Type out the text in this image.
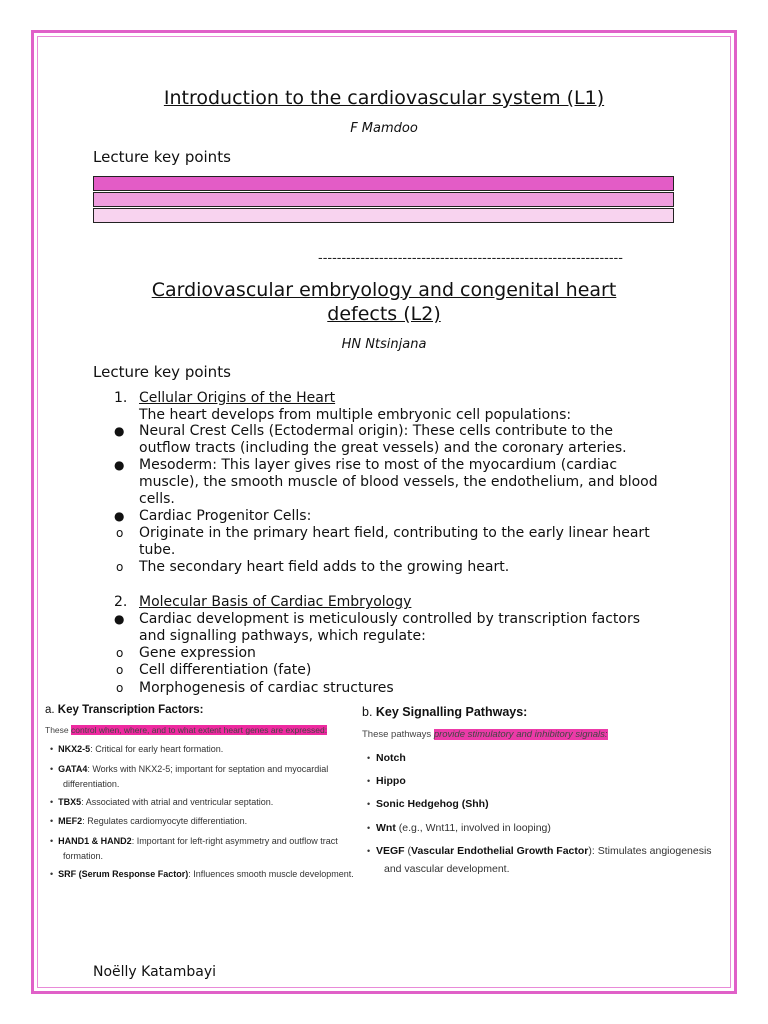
Introduction to the cardiovascular system (L1)
F Mamdoo
Lecture key points
-----------------------------------------------------------------
Cardiovascular embryology and congenital heart
defects (L2)
HN Ntsinjana
Lecture key points
1. Cellular Origins of the Heart
The heart develops from multiple embryonic cell populations:
● Neural Crest Cells (Ectodermal origin): These cells contribute to the
outflow tracts (including the great vessels) and the coronary arteries.
● Mesoderm: This layer gives rise to most of the myocardium (cardiac
muscle), the smooth muscle of blood vessels, the endothelium, and blood
cells.
● Cardiac Progenitor Cells:
o Originate in the primary heart field, contributing to the early linear heart
tube.
o The secondary heart field adds to the growing heart.
2. Molecular Basis of Cardiac Embryology
● Cardiac development is meticulously controlled by transcription factors
and signalling pathways, which regulate:
o Gene expression
o Cell differentiation (fate)
o Morphogenesis of cardiac structures
a. Key Transcription Factors:
These control when, where, and to what extent heart genes are expressed:
• NKX2-5: Critical for early heart formation.
• GATA4: Works with NKX2-5; important for septation and myocardial
differentiation.
• TBX5: Associated with atrial and ventricular septation.
• MEF2: Regulates cardiomyocyte differentiation.
• HAND1 & HAND2: Important for left-right asymmetry and outflow tract
formation.
• SRF (Serum Response Factor): Influences smooth muscle development.
b. Key Signalling Pathways:
These pathways provide stimulatory and inhibitory signals:
• Notch
• Hippo
• Sonic Hedgehog (Shh)
• Wnt (e.g., Wnt11, involved in looping)
• VEGF (Vascular Endothelial Growth Factor): Stimulates angiogenesis
and vascular development.
Noëlly Katambayi
